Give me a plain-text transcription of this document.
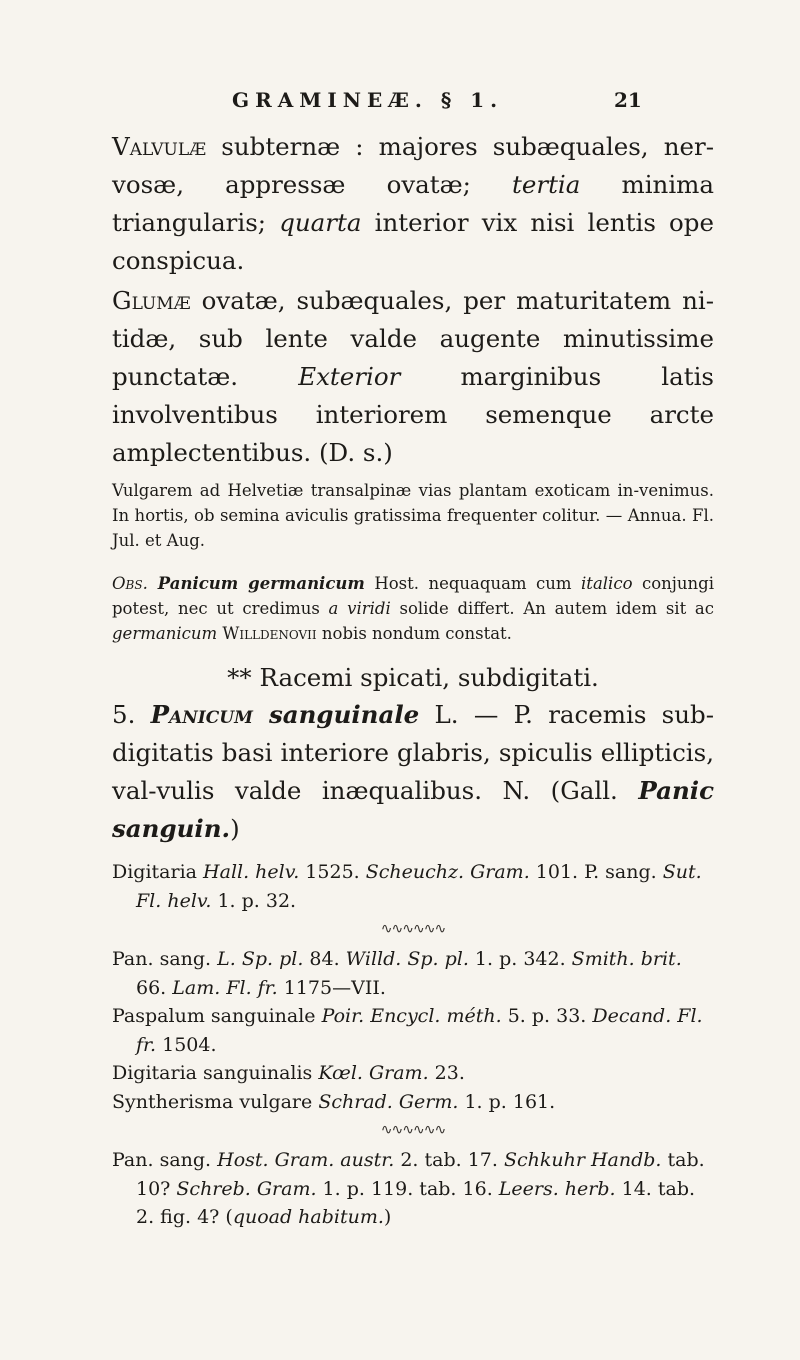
GRAMINEÆ. § 1.	21

Valvulæ subternæ : majores subæquales, ner-vosæ, appressæ ovatæ; tertia minima triangularis; quarta interior vix nisi lentis ope conspicua.

Glumæ ovatæ, subæquales, per maturitatem ni-tidæ, sub lente valde augente minutissime punctatæ. Exterior marginibus latis involventibus interiorem semenque arcte amplectentibus. (D. s.)

Vulgarem ad Helvetiæ transalpinæ vias plantam exoticam in-venimus. In hortis, ob semina aviculis gratissima frequenter colitur. — Annua. Fl. Jul. et Aug.

Obs. Panicum germanicum Host. nequaquam cum italico conjungi potest, nec ut credimus a viridi solide differt. An autem idem sit ac germanicum Willdenovii nobis nondum constat.

** Racemi spicati, subdigitati.

5. Panicum sanguinale L. — P. racemis sub-digitatis basi interiore glabris, spiculis ellipticis, val-vulis valde inæqualibus. N. (Gall. Panic sanguin.)

Digitaria Hall. helv. 1525. Scheuchz. Gram. 101. P. sang. Sut. Fl. helv. 1. p. 32.

∿∿∿∿∿∿

Pan. sang. L. Sp. pl. 84. Willd. Sp. pl. 1. p. 342. Smith. brit. 66. Lam. Fl. fr. 1175—VII.

Paspalum sanguinale Poir. Encycl. méth. 5. p. 33. Decand. Fl. fr. 1504.

Digitaria sanguinalis Kœl. Gram. 23.

Syntherisma vulgare Schrad. Germ. 1. p. 161.

∿∿∿∿∿∿

Pan. sang. Host. Gram. austr. 2. tab. 17. Schkuhr Handb. tab. 10? Schreb. Gram. 1. p. 119. tab. 16. Leers. herb. 14. tab. 2. fig. 4? (quoad habitum.)
